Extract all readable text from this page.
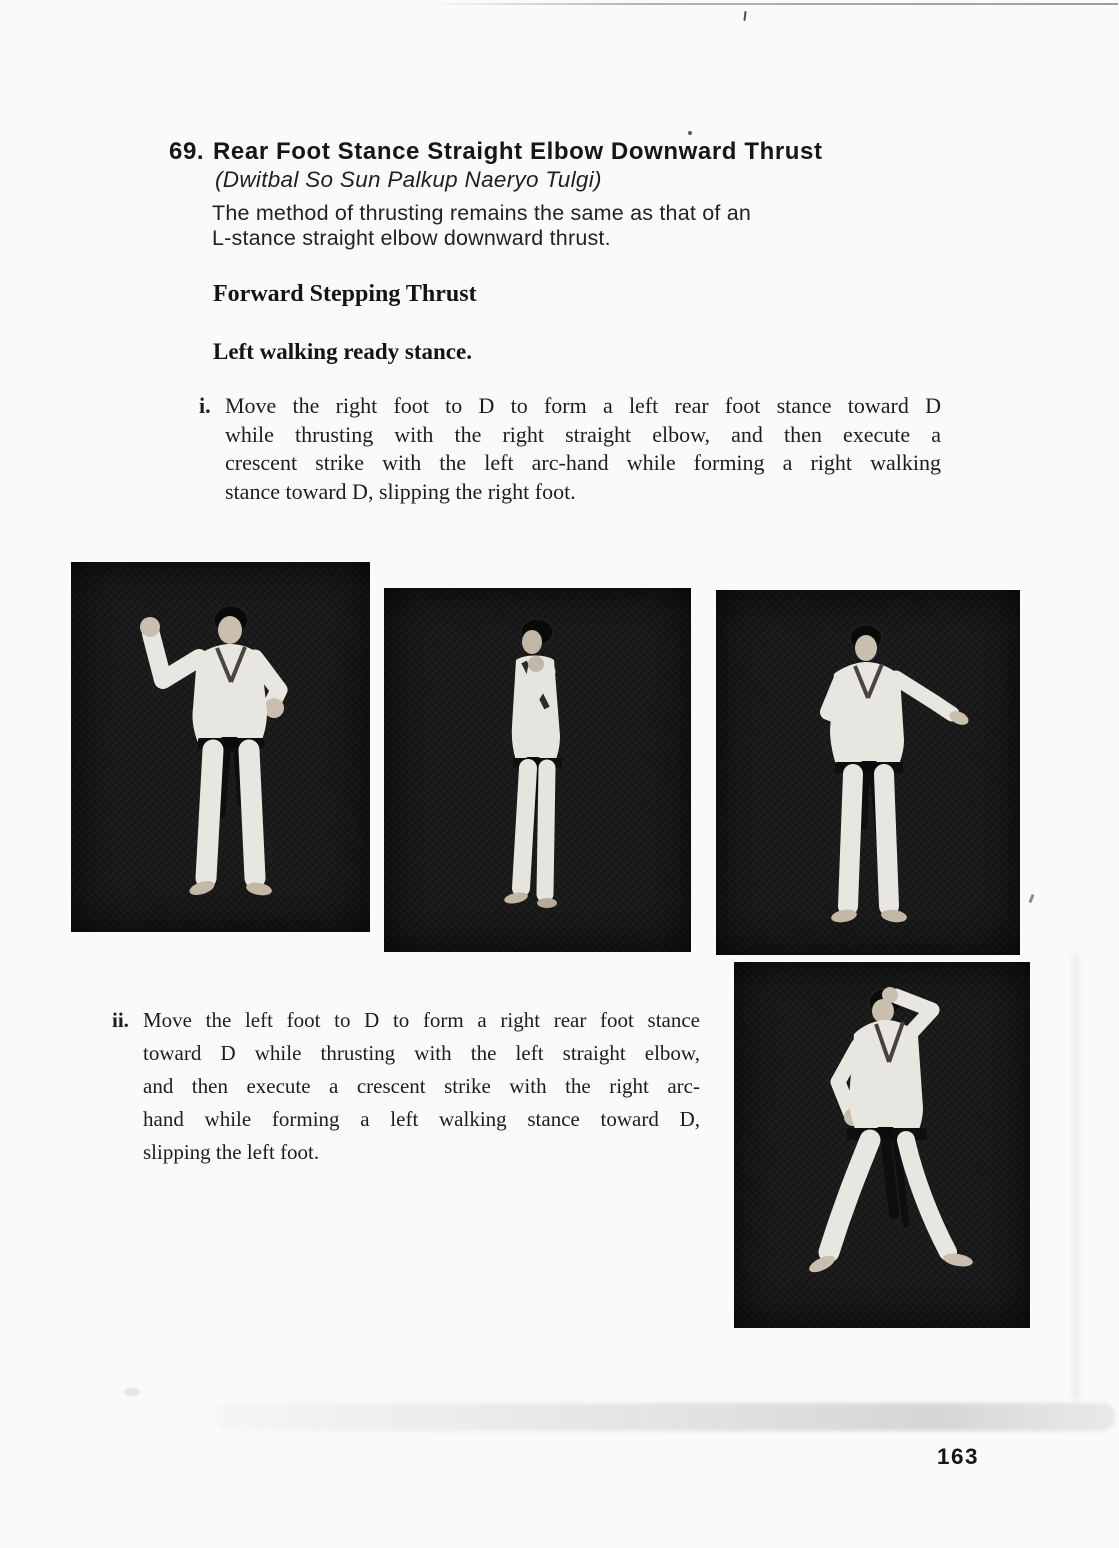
69. Rear Foot Stance Straight Elbow Downward Thrust
(Dwitbal So Sun Palkup Naeryo Tulgi)
The method of thrusting remains the same as that of an
L-stance straight elbow downward thrust.
Forward Stepping Thrust
Left walking ready stance.
i. Move the right foot to D to form a left rear foot stance toward D
while thrusting with the right straight elbow, and then execute a
crescent strike with the left arc-hand while forming a right walking
stance toward D, slipping the right foot.
ii. Move the left foot to D to form a right rear foot stance
toward D while thrusting with the left straight elbow,
and then execute a crescent strike with the right arc-
hand while forming a left walking stance toward D,
slipping the left foot.
163
